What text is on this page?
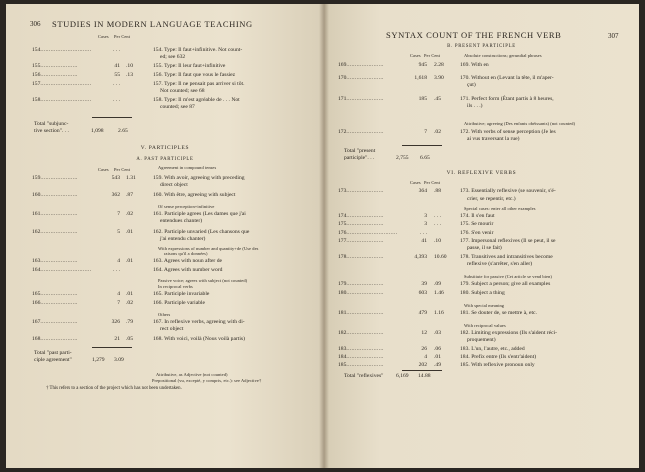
306 STUDIES IN MODERN LANGUAGE TEACHING
Cases Per Cent
154..............................	. . .	154. Type: Il faut+infinitive. Not count-
ed; see 632
155......................	41 .10	155. Type: Il leur faut+infinitive
156......................	55 .13	156. Type: Il faut que vous le fassiez
157..............................	. . .	157. Type: Il ne pensait pas arriver si tôt.
Not counted; see 68
158..............................	. . .	158. Type: Il m'est agréable de . . . Not
counted; see 87
Total "subjunc-
tive section". . .	1,098	2.65
V. PARTICIPLES
A. PAST PARTICIPLE
Agreement in compound tenses
Cases Per Cent
159......................	543 1.31	159. With avoir, agreeing with preceding
direct object
160......................	362 .87	160. With être, agreeing with subject
Of sense perception+infinitive
161......................	7 .02	161. Participle agrees (Les dames que j'ai
entendues chanter)
162......................	5 .01	162. Participle unvaried (Les chansons que
j'ai entendu chanter)
With expressions of number and quantity+de (Use des
raisons qu'il a données)
163......................	4 .01	163. Agrees with noun after de
164..............................	. . .	164. Agrees with number word
Passive voice; agrees with subject (not counted)
In reciprocal verbs
165......................	4 .01	165. Participle invariable
166......................	7 .02	166. Participle variable
Others
167......................	326 .79	167. In reflexive verbs, agreeing with di-
rect object
168......................	21 .05	168. With voici, voilà (Nous voilà partis)
Total "past parti-
ciple agreement"	1,279 3.09
Attributive, as Adjective (not counted)
Prepositional (vu, excepté, y compris, etc.): see Adjective†
† This refers to a section of the project which has not been undertaken.
SYNTAX COUNT OF THE FRENCH VERB	307
B. PRESENT PARTICIPLE
Cases Per Cent	Absolute constructions; gerundial phrases
169......................	945 2.28	169. With en
170......................	1,618 3.90	170. Without en (Levant la tête, il m'aper-
çut)
171......................	185 .45	171. Perfect form (Étant partis à 8 heures,
ils . . .)
Attributive; agreeing (Des enfants obéissants) (not counted)
172......................	7 .02	172. With verbs of sense perception (Je les
ai vus traversant la rue)
Total "present
participle". . .	2,755 6.65
VI. REFLEXIVE VERBS
Cases Per Cent
173......................	364 .88	173. Essentially reflexive (se souvenir, s'é-
crier, se repentir, etc.)
Special cases: enter all other examples
174......................	3 . . .	174. Il s'en faut
175......................	3 . . .	175. Se mourir
176..............................	. . .	176. S'en venir
177......................	41 .10	177. Impersonal reflexives (Il se peut, il se
passe, il se fait)
178......................	4,393 10.60 178. Transitives and intransitives become
reflexive (s'arrêter, s'en aller)
Substitute for passive (Cet article se vend bien)
179......................	39 .09	179. Subject a person; give all examples
180......................	603 1.46	180. Subject a thing
With special meaning
181......................	479 1.16	181. Se douter de, se mettre à, etc.
With reciprocal values
182......................	12 .03	182. Limiting expressions (Ils s'aident réci-
proquement)
183......................	26 .06	183. L'un, l'autre, etc., added
184......................	4 .01	184. Prefix entre (Ils s'entr'aident)
185......................	202 .49	185. With reflexive pronoun only
Total "reflexives" 6,169 14.88
